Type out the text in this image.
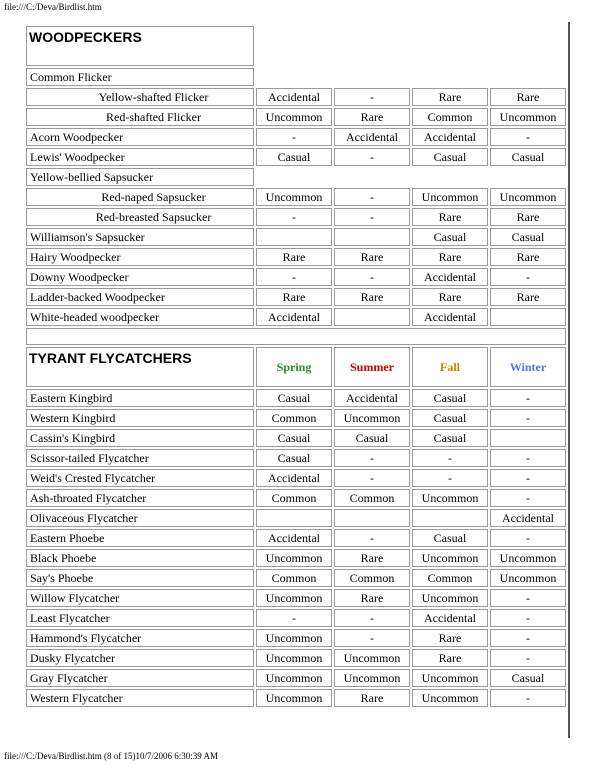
file:///C:/Deva/Birdlist.htm
WOODPECKERS				
Common Flicker				
Yellow-shafted Flicker	Accidental	-	Rare	Rare
Red-shafted Flicker	Uncommon	Rare	Common	Uncommon
Acorn Woodpecker	-	Accidental	Accidental	-
Lewis' Woodpecker	Casual	-	Casual	Casual
Yellow-bellied Sapsucker				
Red-naped Sapsucker	Uncommon	-	Uncommon	Uncommon
Red-breasted Sapsucker	-	-	Rare	Rare
Williamson's Sapsucker			Casual	Casual
Hairy Woodpecker	Rare	Rare	Rare	Rare
Downy Woodpecker	-	-	Accidental	-
Ladder-backed Woodpecker	Rare	Rare	Rare	Rare
White-headed woodpecker	Accidental		Accidental	

TYRANT FLYCATCHERS	Spring	Summer	Fall	Winter
Eastern Kingbird	Casual	Accidental	Casual	-
Western Kingbird	Common	Uncommon	Casual	-
Cassin's Kingbird	Casual	Casual	Casual	
Scissor-tailed Flycatcher	Casual	-	-	-
Weid's Crested Flycatcher	Accidental	-	-	-
Ash-throated Flycatcher	Common	Common	Uncommon	-
Olivaceous Flycatcher				Accidental
Eastern Phoebe	Accidental	-	Casual	-
Black Phoebe	Uncommon	Rare	Uncommon	Uncommon
Say's Phoebe	Common	Common	Common	Uncommon
Willow Flycatcher	Uncommon	Rare	Uncommon	-
Least Flycatcher	-	-	Accidental	-
Hammond's Flycatcher	Uncommon	-	Rare	-
Dusky Flycatcher	Uncommon	Uncommon	Rare	-
Gray Flycatcher	Uncommon	Uncommon	Uncommon	Casual
Western Flycatcher	Uncommon	Rare	Uncommon	-
file:///C:/Deva/Birdlist.htm (8 of 15)10/7/2006 6:30:39 AM
